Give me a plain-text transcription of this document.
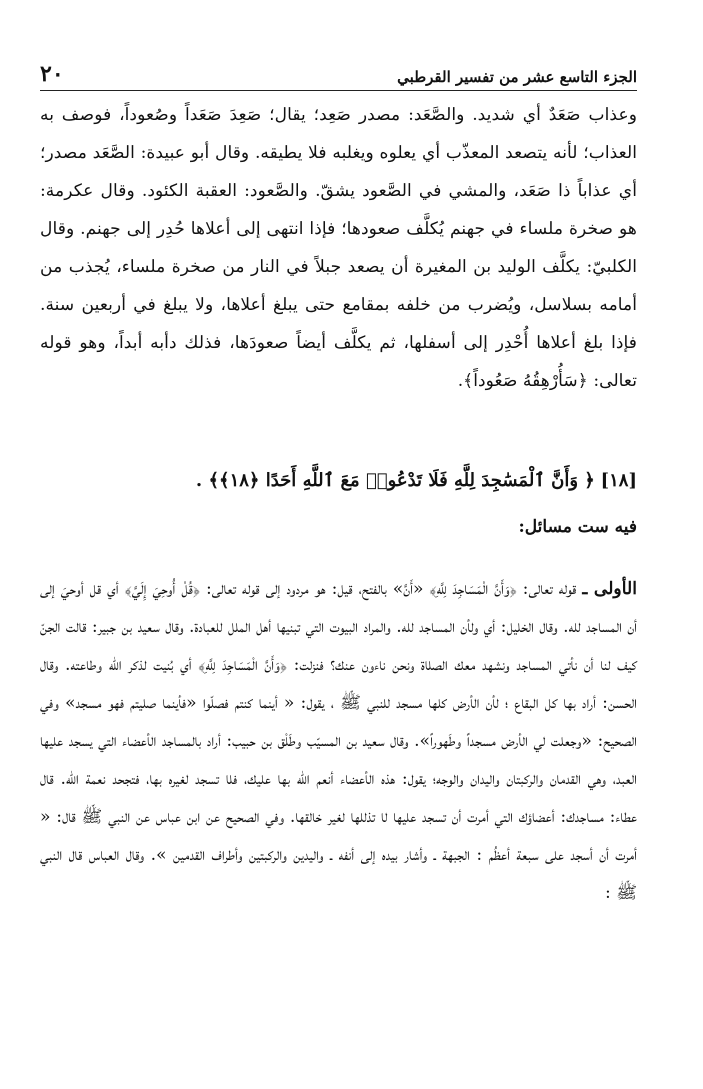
٢٠	الجزء التاسع عشر من تفسير القرطبي

وعذاب صَعَدٌ أي شديد. والصَّعَد: مصدر صَعِد؛ يقال؛ صَعِدَ صَعَداً وصُعوداً، فوصف به العذاب؛ لأنه يتصعد المعذّب أي يعلوه ويغلبه فلا يطيقه. وقال أبو عبيدة: الصَّعَد مصدر؛ أي عذاباً ذا صَعَد، والمشي في الصَّعود يشقّ. والصَّعود: العقبة الكئود. وقال عكرمة: هو صخرة ملساء في جهنم يُكلَّف صعودها؛ فإذا انتهى إلى أعلاها حُدِر إلى جهنم. وقال الكلبيّ: يكلَّف الوليد بن المغيرة أن يصعد جبلاً في النار من صخرة ملساء، يُجذب من أمامه بسلاسل، ويُضرب من خلفه بمقامع حتى يبلغ أعلاها، ولا يبلغ في أربعين سنة. فإذا بلغ أعلاها أُحْدِر إلى أسفلها، ثم يكلَّف أيضاً صعودَها، فذلك دأبه أبداً، وهو قوله تعالى: ﴿سَأُرْهِقُهُ صَعُوداً﴾.

[١٨] ﴿ وَأَنَّ ٱلْمَسَٰجِدَ لِلَّهِ فَلَا تَدْعُوا۟ مَعَ ٱللَّهِ أَحَدًا ﴿١٨﴾﴾ .
فيه ست مسائل:

الأولى ـ قوله تعالى: ﴿وَأَنَّ الْمَسَاجِدَ لِلَّهِ﴾ «أَنَّ» بالفتح، قيل: هو مردود إلى قوله تعالى: ﴿قُلْ أُوحِيَ إِلَيَّ﴾ أي قل أوحيَ إلى أن المساجد لله. وقال الخليل: أي ولأن المساجد لله. والمراد البيوت التي تبنيها أهل الملل للعبادة. وقال سعيد بن جبير: قالت الجنّ كيف لنا أن نأتي المساجد ونشهد معك الصلاة ونحن ناءون عنك؟ فنزلت: ﴿وَأَنَّ الْمَسَاجِدَ لِلَّهِ﴾ أي بُنيت لذكر الله وطاعته. وقال الحسن: أراد بها كل البقاع ؛ لأن الأرض كلها مسجد للنبي ﷺ ، يقول: « أينما كنتم فصلّوا «فأينما صليتم فهو مسجد» وفي الصحيح: «وجعلت لي الأرض مسجداً وطَهوراً». وقال سعيد بن المسيّب وطَلْق بن حبيب: أراد بالمساجد الأعضاء التي يسجد عليها العبد، وهي القدمان والركبتان واليدان والوجه؛ يقول: هذه الأعضاء أنعم الله بها عليك، فلا تسجد لغيره بها، فتجحد نعمة الله. قال عطاء: مساجدك: أعضاؤك التي أمرت أن تسجد عليها لا تذللها لغير خالقها. وفي الصحيح عن ابن عباس عن النبي ﷺ قال: « أمرت أن أسجد على سبعة أعظُم : الجبهة ـ وأشار بيده إلى أنفه ـ واليدين والركبتين وأطراف القدمين ». وقال العباس قال النبي ﷺ :
